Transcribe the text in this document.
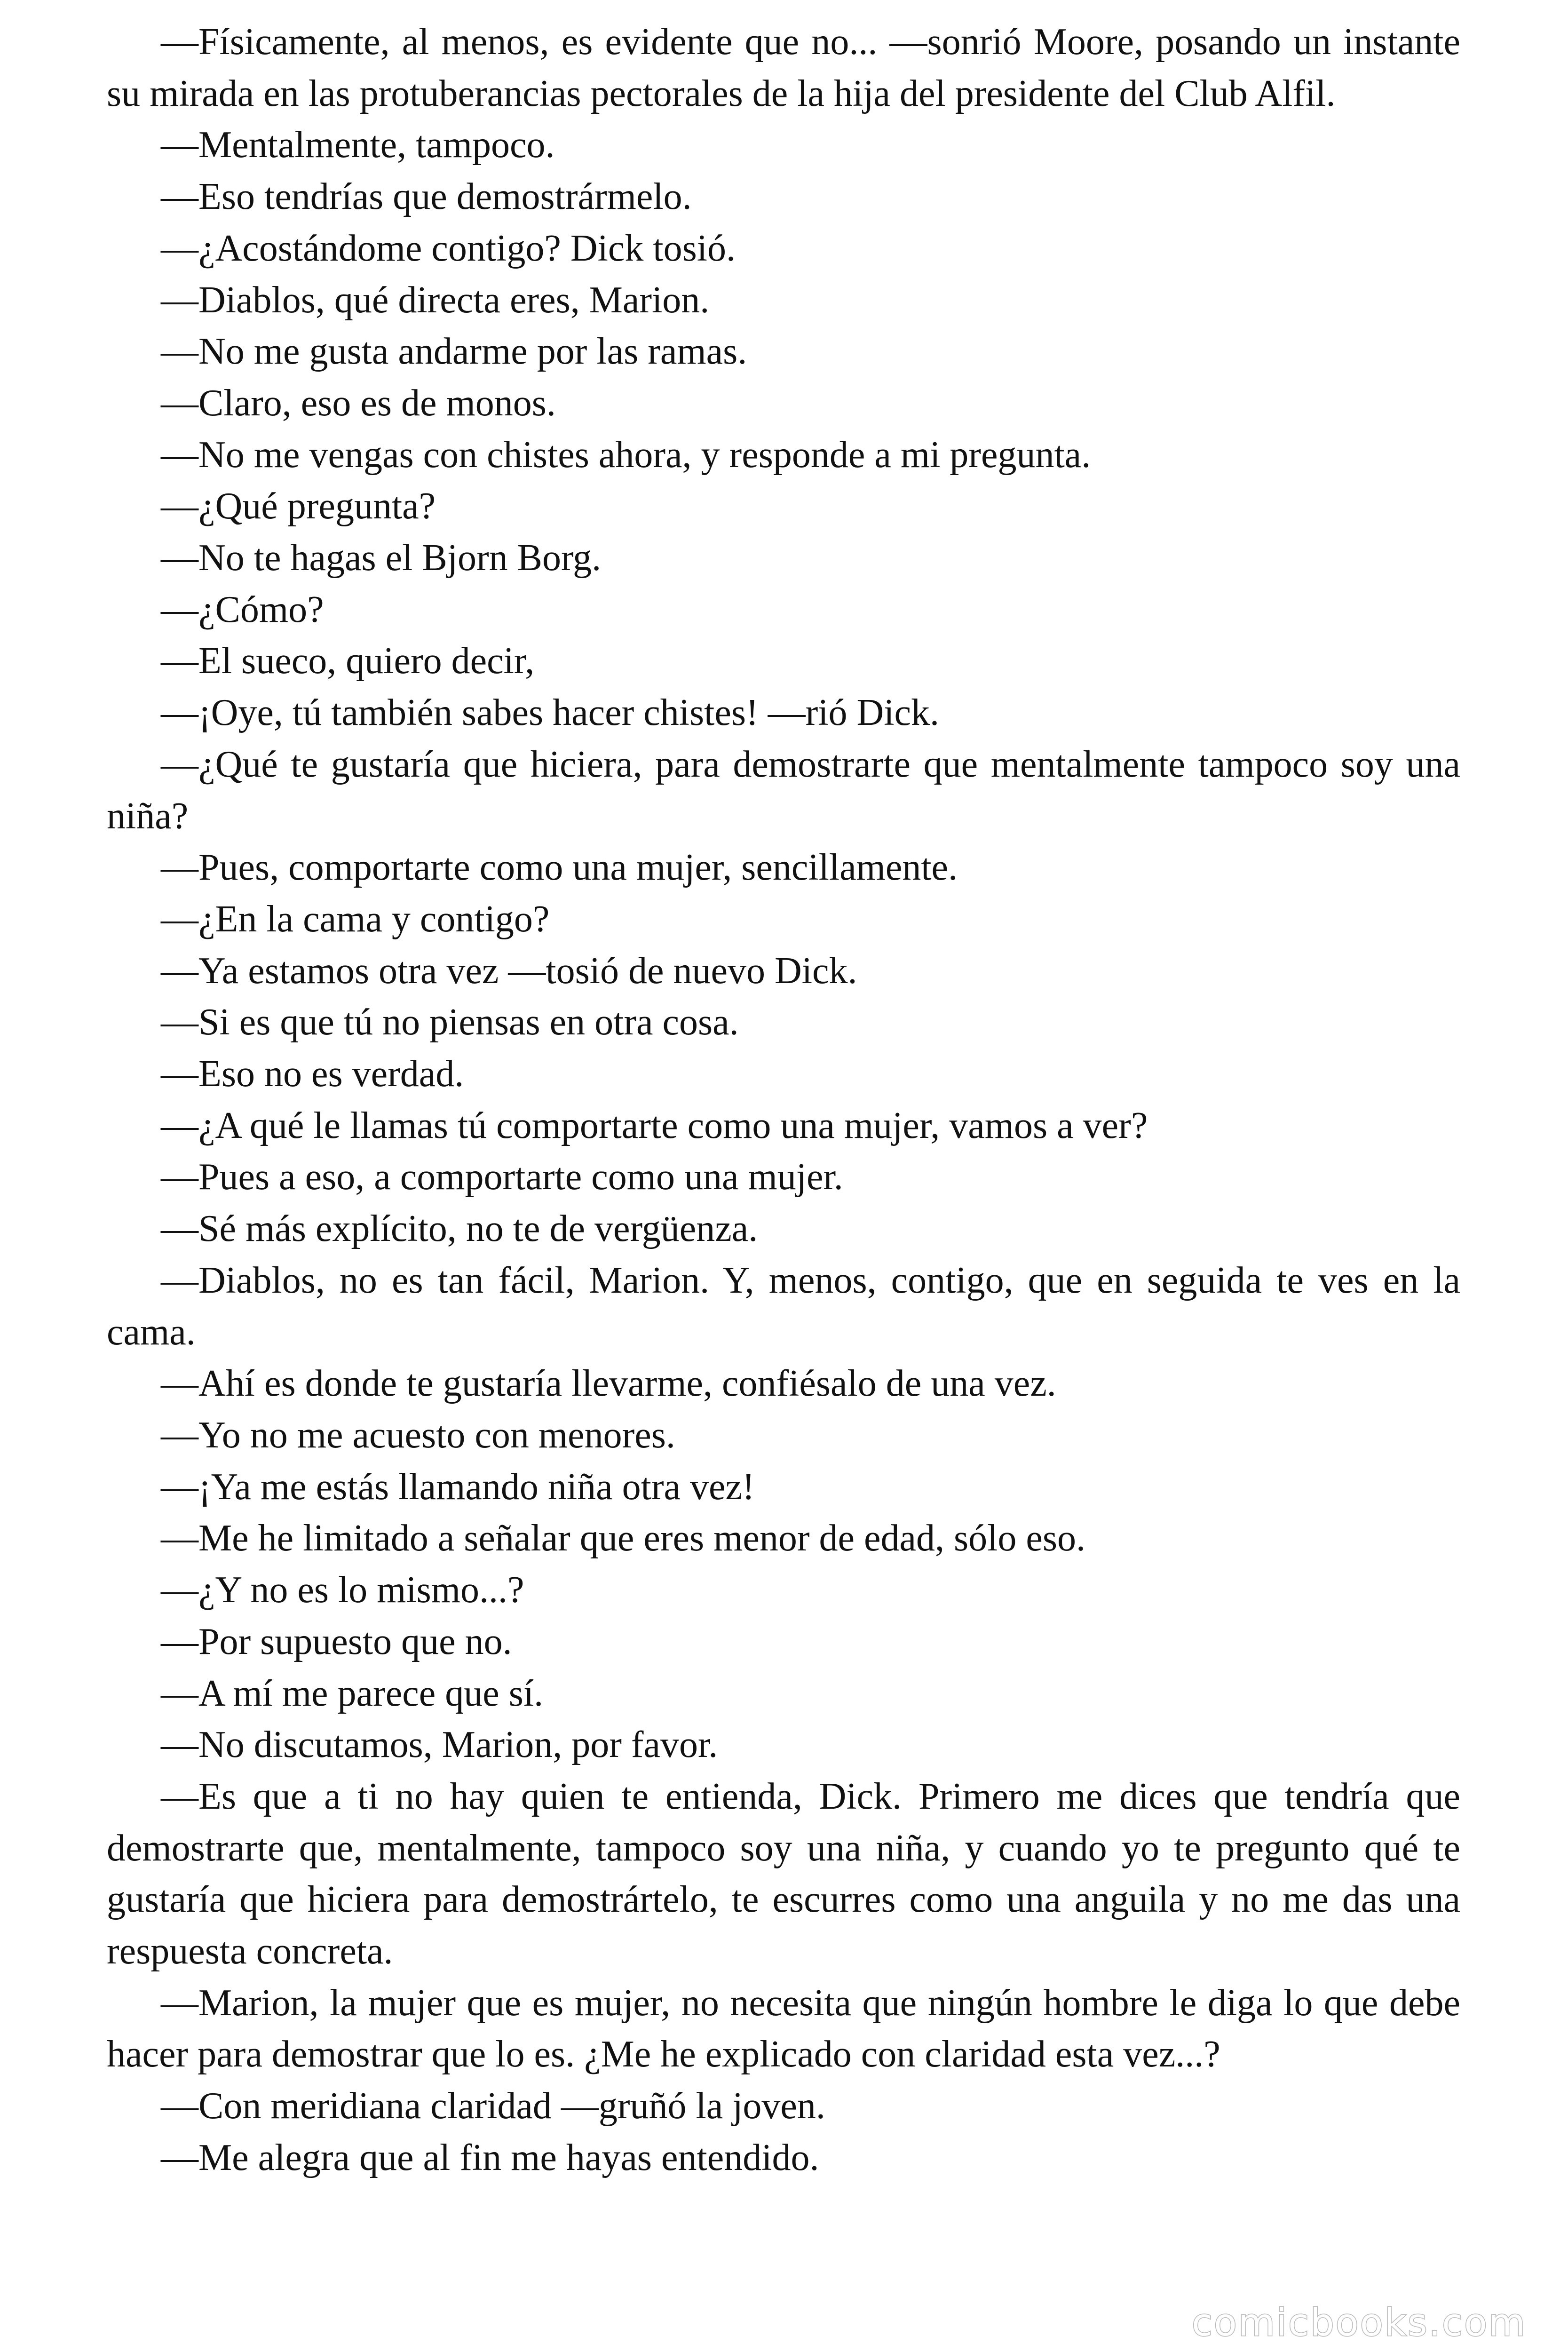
—Físicamente, al menos, es evidente que no... —sonrió Moore, posando un instante su mirada en las protuberancias pectorales de la hija del presidente del Club Alfil.

—Mentalmente, tampoco.

—Eso tendrías que demostrármelo.

—¿Acostándome contigo? Dick tosió.

—Diablos, qué directa eres, Marion.

—No me gusta andarme por las ramas.

—Claro, eso es de monos.

—No me vengas con chistes ahora, y responde a mi pregunta.

—¿Qué pregunta?

—No te hagas el Bjorn Borg.

—¿Cómo?

—El sueco, quiero decir,

—¡Oye, tú también sabes hacer chistes! —rió Dick.

—¿Qué te gustaría que hiciera, para demostrarte que mentalmente tampoco soy una niña?

—Pues, comportarte como una mujer, sencillamente.

—¿En la cama y contigo?

—Ya estamos otra vez —tosió de nuevo Dick.

—Si es que tú no piensas en otra cosa.

—Eso no es verdad.

—¿A qué le llamas tú comportarte como una mujer, vamos a ver?

—Pues a eso, a comportarte como una mujer.

—Sé más explícito, no te de vergüenza.

—Diablos, no es tan fácil, Marion. Y, menos, contigo, que en seguida te ves en la cama.

—Ahí es donde te gustaría llevarme, confiésalo de una vez.

—Yo no me acuesto con menores.

—¡Ya me estás llamando niña otra vez!

—Me he limitado a señalar que eres menor de edad, sólo eso.

—¿Y no es lo mismo...?

—Por supuesto que no.

—A mí me parece que sí.

—No discutamos, Marion, por favor.

—Es que a ti no hay quien te entienda, Dick. Primero me dices que tendría que demostrarte que, mentalmente, tampoco soy una niña, y cuando yo te pregunto qué te gustaría que hiciera para demostrártelo, te escurres como una anguila y no me das una respuesta concreta.

—Marion, la mujer que es mujer, no necesita que ningún hombre le diga lo que debe hacer para demostrar que lo es. ¿Me he explicado con claridad esta vez...?

—Con meridiana claridad —gruñó la joven.

—Me alegra que al fin me hayas entendido.

comicbooks.com
